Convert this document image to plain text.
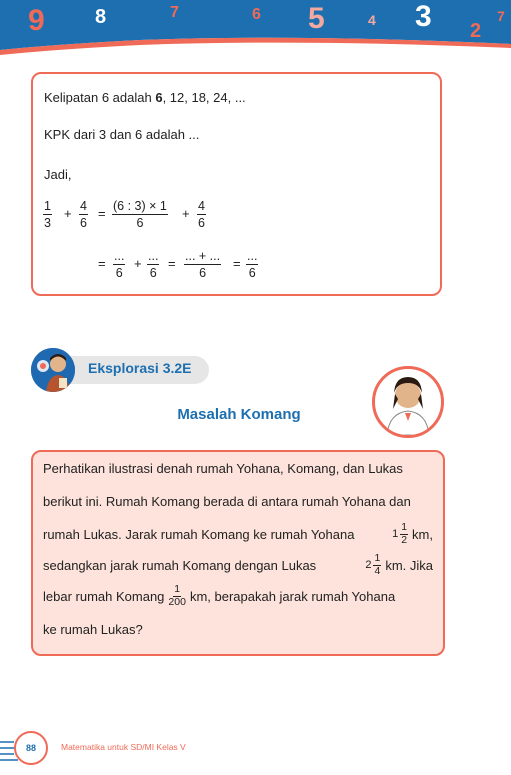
9	8	7	6 5	4 3 2
7
Kelipatan 6 adalah 6, 12, 18, 24, ...
KPK dari 3 dan 6 adalah ...
Jadi,
$\frac{1}{3} + \frac{4}{6} = \frac{(6 : 3) \times 1}{6} + \frac{4}{6}$
= ...
6
+ ...
6
= ... + ...
6
= ...
6
Eksplorasi 3.2E
Masalah Komang
Perhatikan ilustrasi denah rumah Yohana, Komang, dan Lukas
berikut ini. Rumah Komang berada di antara rumah Yohana dan
rumah Lukas. Jarak rumah Komang ke rumah Yohana	$1 \frac{1}{2}$ km,
sedangkan jarak rumah Komang dengan Lukas	$2 \frac{1}{4}$ km. Jika
lebar rumah Komang $\frac{1}{200}$ km, berapakah jarak rumah Yohana
ke rumah Lukas?
88	Matematika untuk SD/MI Kelas V
